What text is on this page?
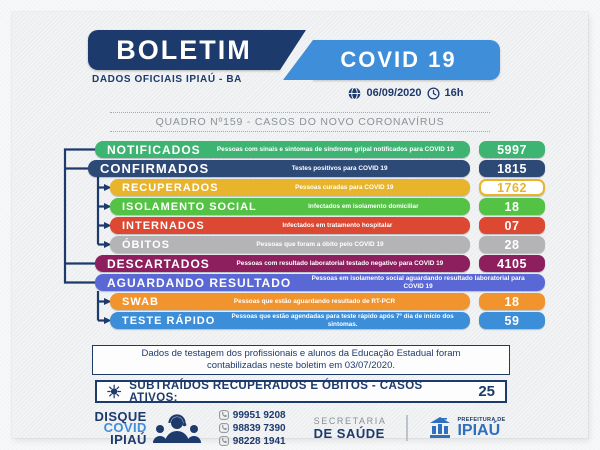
BOLETIM	COVID 19
DADOS OFICIAIS IPIAÚ - BA
06/09/2020 16h
QUADRO Nº159 - CASOS DO NOVO CORONAVÍRUS
NOTIFICADOS	Pessoas com sinais e sintomas de síndrome gripal notificados para COVID 19	5997
CONFIRMADOS	Testes positivos para COVID 19	1815
RECUPERADOS	Pessoas curadas para COVID 19	1762
ISOLAMENTO SOCIAL	Infectados em isolamento domiciliar	18
INTERNADOS	Infectados em tratamento hospitalar	07
ÓBITOS	Pessoas que foram a óbito pelo COVID 19	28
DESCARTADOS	Pessoas com resultado laboratorial testado negativo para COVID 19	4105
AGUARDANDO RESULTADO	Pessoas em isolamento social aguardando resultado laboratorial para COVID 19
SWAB	Pessoas que estão aguardando resultado de RT-PCR	18
TESTE RÁPIDO	Pessoas que estão agendadas para teste rápido após 7º dia de início dos sintomas.	59
Dados de testagem dos profissionais e alunos da Educação Estadual foram contabilizadas neste boletim em 03/07/2020.
SUBTRAÍDOS RECUPERADOS E ÓBITOS - CASOS ATIVOS:	25
DISQUE
COVID
IPIAÚ
99951 9208
98839 7390
98228 1941
SECRETARIA
DE SAÚDE
PREFEITURA DE
IPIAÚ
